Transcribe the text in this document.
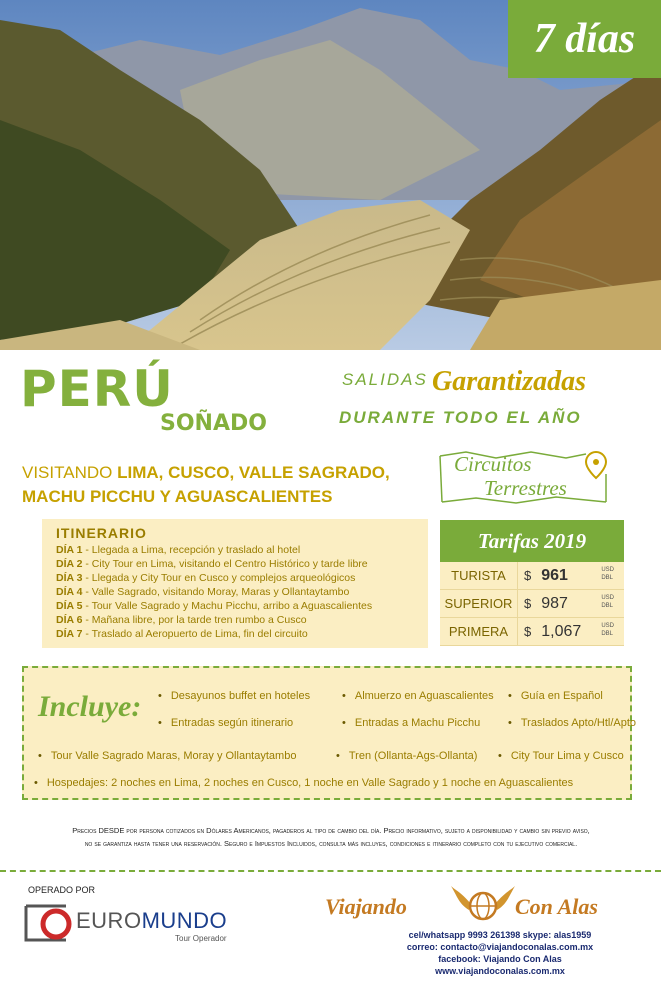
7 días
PERÚ
SOÑADO
SALIDAS Garantizadas
DURANTE TODO EL AÑO
VISITANDO LIMA, CUSCO, VALLE SAGRADO,
MACHU PICCHU Y AGUASCALIENTES
Circuitos
Terrestres
ITINERARIO
DÍA 1 - Llegada a Lima, recepción y traslado al hotel
DÍA 2 - City Tour en Lima, visitando el Centro Histórico y tarde libre
DÍA 3 - Llegada y City Tour en Cusco y complejos arqueológicos
DÍA 4 - Valle Sagrado, visitando Moray, Maras y Ollantaytambo
DÍA 5 - Tour Valle Sagrado y Machu Picchu, arribo a Aguascalientes
DÍA 6 - Mañana libre, por la tarde tren rumbo a Cusco
DÍA 7 - Traslado al Aeropuerto de Lima, fin del circuito
Tarifas 2019
TURISTA	$ 961	USD
DBL
SUPERIOR $ 987	USD
DBL
PRIMERA	$ 1,067	USD
DBL
Incluye:	• Desayunos buffet en hoteles	• Almuerzo en Aguascalientes	• Guía en Español
• Entradas según itinerario	• Entradas a Machu Picchu	• Traslados Apto/Htl/Apto
• Tour Valle Sagrado Maras, Moray y Ollantaytambo	• Tren (Ollanta-Ags-Ollanta)	• City Tour Lima y Cusco
• Hospedajes: 2 noches en Lima, 2 noches en Cusco, 1 noche en Valle Sagrado y 1 noche en Aguascalientes
Precios DESDE por persona cotizados en Dólares Americanos, pagaderos al tipo de cambio del día. Precio informativo, sujeto a disponibilidad y cambio sin previo aviso,
no se garantiza hasta tener una reservación. Seguro e Impuestos Incluidos, consulta más incluyes, condiciones e itinerario completo con tu ejecutivo comercial.
OPERADO POR
EUROMUNDO
Tour Operador
Viajando	Con Alas
cel/whatsapp 9993 261398 skype: alas1959
correo: contacto@viajandoconalas.com.mx
facebook: Viajando Con Alas
www.viajandoconalas.com.mx
